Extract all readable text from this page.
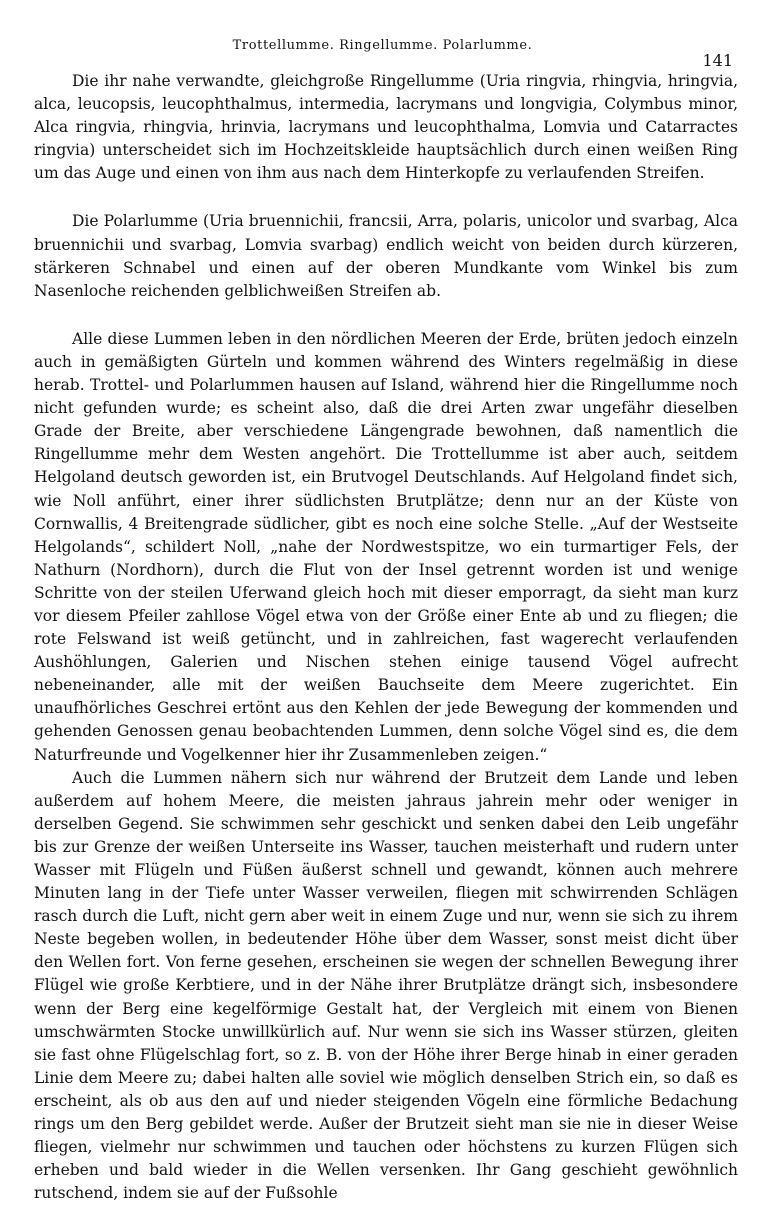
Trottellumme. Ringellumme. Polarlumme.
141

Die ihr nahe verwandte, gleichgroße Ringellumme (Uria ringvia, rhingvia, hringvia, alca, leucopsis, leucophthalmus, intermedia, lacrymans und longvigia, Colymbus minor, Alca ringvia, rhingvia, hrinvia, lacrymans und leucophthalma, Lomvia und Catarractes ringvia) unterscheidet sich im Hochzeitskleide hauptsächlich durch einen weißen Ring um das Auge und einen von ihm aus nach dem Hinterkopfe zu verlaufenden Streifen.

Die Polarlumme (Uria bruennichii, francsii, Arra, polaris, unicolor und svarbag, Alca bruennichii und svarbag, Lomvia svarbag) endlich weicht von beiden durch kürzeren, stärkeren Schnabel und einen auf der oberen Mundkante vom Winkel bis zum Nasenloche reichenden gelblichweißen Streifen ab.

Alle diese Lummen leben in den nördlichen Meeren der Erde, brüten jedoch einzeln auch in gemäßigten Gürteln und kommen während des Winters regelmäßig in diese herab. Trottel- und Polarlummen hausen auf Island, während hier die Ringellumme noch nicht gefunden wurde; es scheint also, daß die drei Arten zwar ungefähr dieselben Grade der Breite, aber verschiedene Längengrade bewohnen, daß namentlich die Ringellumme mehr dem Westen angehört. Die Trottellumme ist aber auch, seitdem Helgoland deutsch geworden ist, ein Brutvogel Deutschlands. Auf Helgoland findet sich, wie Noll anführt, einer ihrer südlichsten Brutplätze; denn nur an der Küste von Cornwallis, 4 Breitengrade südlicher, gibt es noch eine solche Stelle. „Auf der Westseite Helgolands“, schildert Noll, „nahe der Nordwestspitze, wo ein turmartiger Fels, der Nathurn (Nordhorn), durch die Flut von der Insel getrennt worden ist und wenige Schritte von der steilen Uferwand gleich hoch mit dieser emporragt, da sieht man kurz vor diesem Pfeiler zahllose Vögel etwa von der Größe einer Ente ab und zu fliegen; die rote Felswand ist weiß getüncht, und in zahlreichen, fast wagerecht verlaufenden Aushöhlungen, Galerien und Nischen stehen einige tausend Vögel aufrecht nebeneinander, alle mit der weißen Bauchseite dem Meere zugerichtet. Ein unaufhörliches Geschrei ertönt aus den Kehlen der jede Bewegung der kommenden und gehenden Genossen genau beobachtenden Lummen, denn solche Vögel sind es, die dem Naturfreunde und Vogelkenner hier ihr Zusammenleben zeigen.“

Auch die Lummen nähern sich nur während der Brutzeit dem Lande und leben außerdem auf hohem Meere, die meisten jahraus jahrein mehr oder weniger in derselben Gegend. Sie schwimmen sehr geschickt und senken dabei den Leib ungefähr bis zur Grenze der weißen Unterseite ins Wasser, tauchen meisterhaft und rudern unter Wasser mit Flügeln und Füßen äußerst schnell und gewandt, können auch mehrere Minuten lang in der Tiefe unter Wasser verweilen, fliegen mit schwirrenden Schlägen rasch durch die Luft, nicht gern aber weit in einem Zuge und nur, wenn sie sich zu ihrem Neste begeben wollen, in bedeutender Höhe über dem Wasser, sonst meist dicht über den Wellen fort. Von ferne gesehen, erscheinen sie wegen der schnellen Bewegung ihrer Flügel wie große Kerbtiere, und in der Nähe ihrer Brutplätze drängt sich, insbesondere wenn der Berg eine kegelförmige Gestalt hat, der Vergleich mit einem von Bienen umschwärmten Stocke unwillkürlich auf. Nur wenn sie sich ins Wasser stürzen, gleiten sie fast ohne Flügelschlag fort, so z. B. von der Höhe ihrer Berge hinab in einer geraden Linie dem Meere zu; dabei halten alle soviel wie möglich denselben Strich ein, so daß es erscheint, als ob aus den auf und nieder steigenden Vögeln eine förmliche Bedachung rings um den Berg gebildet werde. Außer der Brutzeit sieht man sie nie in dieser Weise fliegen, vielmehr nur schwimmen und tauchen oder höchstens zu kurzen Flügen sich erheben und bald wieder in die Wellen versenken. Ihr Gang geschieht gewöhnlich rutschend, indem sie auf der Fußsohle
